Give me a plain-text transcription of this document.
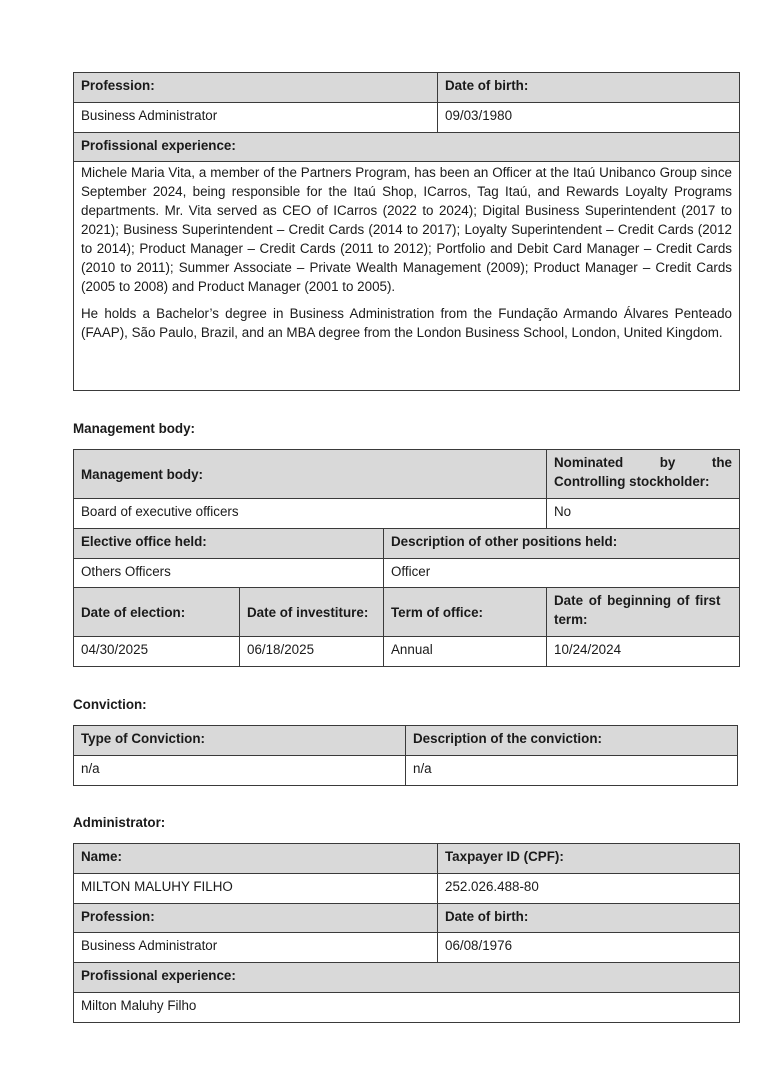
Profession:	Date of birth:
Business Administrator	09/03/1980
Profissional experience:	

Michele Maria Vita, a member of the Partners Program, has been an Officer at the Itaú Unibanco Group since September 2024, being responsible for the Itaú Shop, ICarros, Tag Itaú, and Rewards Loyalty Programs departments. Mr. Vita served as CEO of ICarros (2022 to 2024); Digital Business Superintendent (2017 to 2021); Business Superintendent – Credit Cards (2014 to 2017); Loyalty Superintendent – Credit Cards (2012 to 2014); Product Manager – Credit Cards (2011 to 2012); Portfolio and Debit Card Manager – Credit Cards (2010 to 2011); Summer Associate – Private Wealth Management (2009); Product Manager – Credit Cards (2005 to 2008) and Product Manager (2001 to 2005).

He holds a Bachelor’s degree in Business Administration from the Fundação Armando Álvares Penteado (FAAP), São Paulo, Brazil, and an MBA degree from the London Business School, London, United Kingdom.	

Management body:
Management body:			Nominated by the Controlling stockholder:

Board of executive officers			No
Elective office held:		Description of other positions held:	
Others Officers		Officer	
Date of election:	Date of investiture:	Term of office:	Date of beginning of first term:
04/30/2025	06/18/2025	Annual	10/24/2024
Conviction:
Type of Conviction:	Description of the conviction:
n/a	n/a
Administrator:
Name:	Taxpayer ID (CPF):
MILTON MALUHY FILHO	252.026.488-80
Profession:	Date of birth:
Business Administrator	06/08/1976
Profissional experience:	
Milton Maluhy Filho	
